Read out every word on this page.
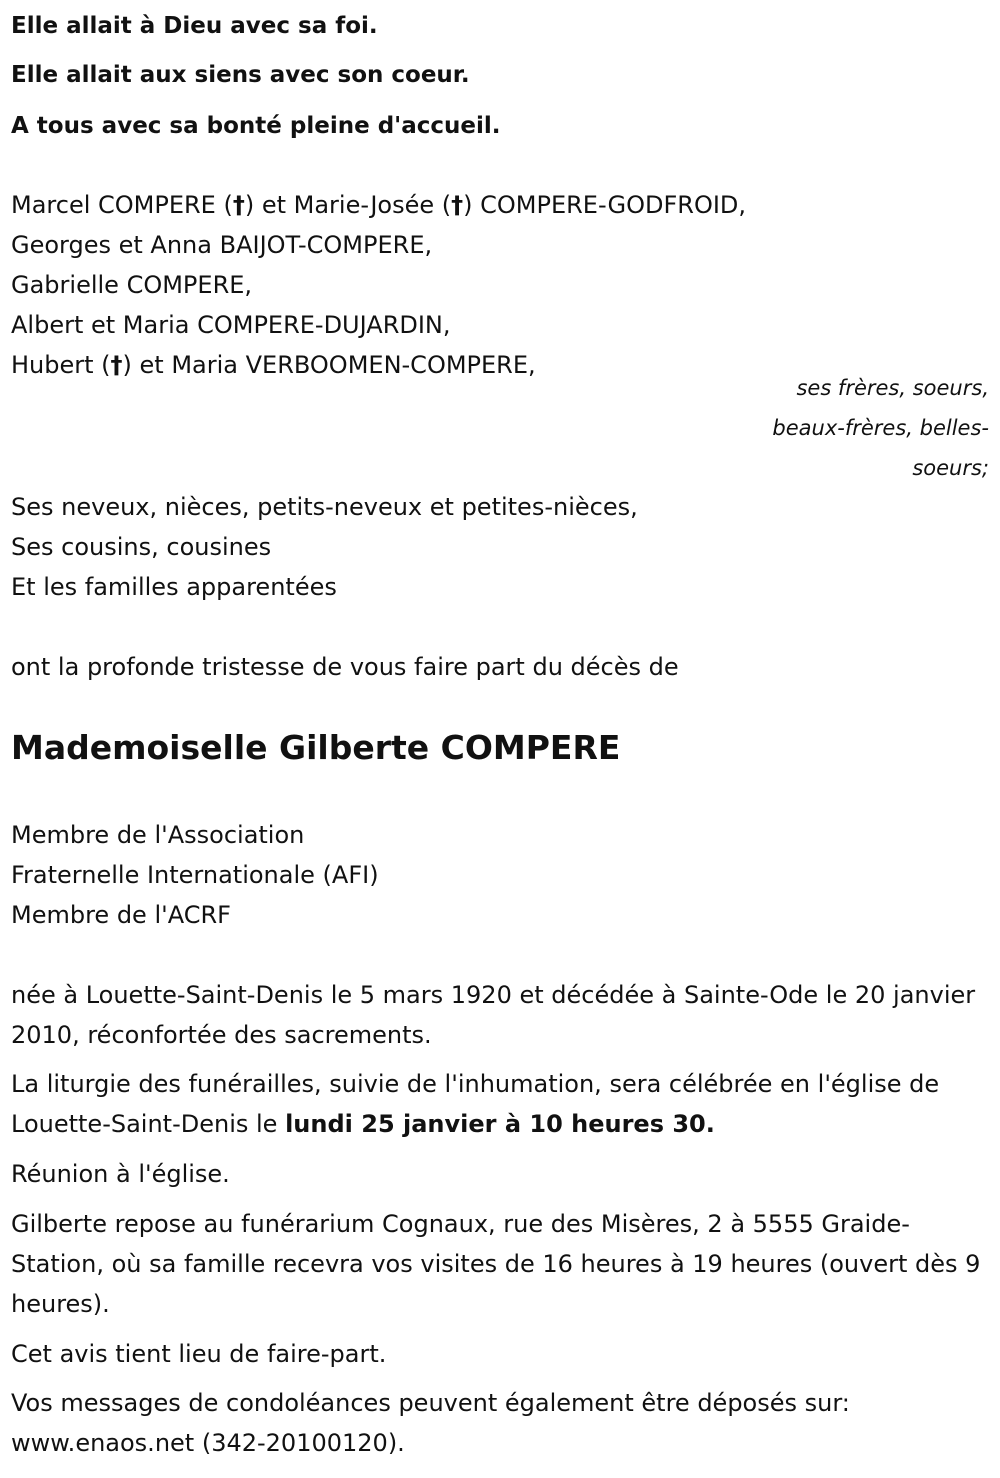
Elle allait à Dieu avec sa foi.

Elle allait aux siens avec son coeur.

A tous avec sa bonté pleine d'accueil.

Marcel COMPERE (†) et Marie-Josée (†) COMPERE-GODFROID,

Georges et Anna BAIJOT-COMPERE,

Gabrielle COMPERE,

Albert et Maria COMPERE-DUJARDIN,

Hubert (†) et Maria VERBOOMEN-COMPERE,

ses frères, soeurs, beaux-frères, belles-soeurs;

Ses neveux, nièces, petits-neveux et petites-nièces,

Ses cousins, cousines

Et les familles apparentées

ont la profonde tristesse de vous faire part du décès de

Mademoiselle Gilberte COMPERE

Membre de l'Association

Fraternelle Internationale (AFI)

Membre de l'ACRF

née à Louette-Saint-Denis le 5 mars 1920 et décédée à Sainte-Ode le 20 janvier 2010, réconfortée des sacrements.

La liturgie des funérailles, suivie de l'inhumation, sera célébrée en l'église de Louette-Saint-Denis le lundi 25 janvier à 10 heures 30.

Réunion à l'église.

Gilberte repose au funérarium Cognaux, rue des Misères, 2 à 5555 Graide-Station, où sa famille recevra vos visites de 16 heures à 19 heures (ouvert dès 9 heures).

Cet avis tient lieu de faire-part.

Vos messages de condoléances peuvent également être déposés sur: www.enaos.net (342-20100120).
